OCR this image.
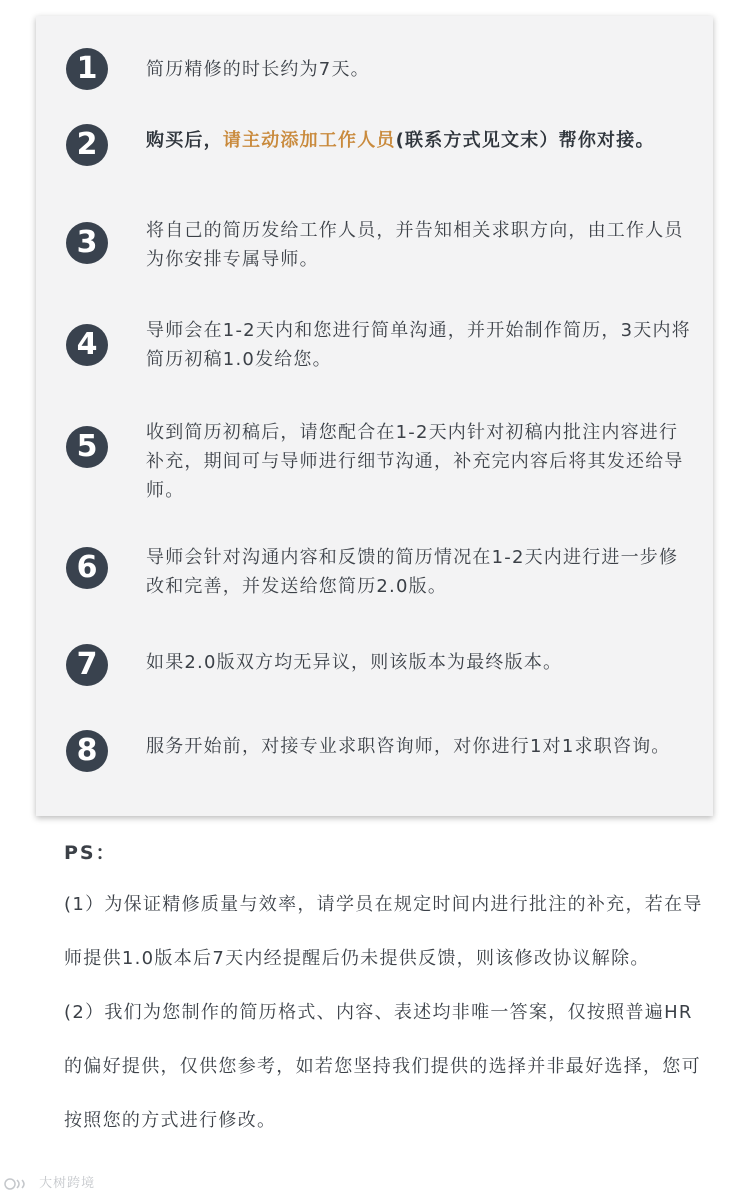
1	简历精修的时长约为7天。
2	购买后，请主动添加工作人员(联系方式见文末）帮你对接。
3	将自己的简历发给工作人员，并告知相关求职方向，由工作人员为你安排专属导师。
4	导师会在1-2天内和您进行简单沟通，并开始制作简历，3天内将简历初稿1.0发给您。
5	收到简历初稿后，请您配合在1-2天内针对初稿内批注内容进行补充，期间可与导师进行细节沟通，补充完内容后将其发还给导师。
6	导师会针对沟通内容和反馈的简历情况在1-2天内进行进一步修改和完善，并发送给您简历2.0版。
7	如果2.0版双方均无异议，则该版本为最终版本。
8	服务开始前，对接专业求职咨询师，对你进行1对1求职咨询。
PS：
(1）为保证精修质量与效率，请学员在规定时间内进行批注的补充，若在导师提供1.0版本后7天内经提醒后仍未提供反馈，则该修改协议解除。
(2）我们为您制作的简历格式、内容、表述均非唯一答案，仅按照普遍HR的偏好提供，仅供您参考，如若您坚持我们提供的选择并非最好选择，您可按照您的方式进行修改。
大树跨境
